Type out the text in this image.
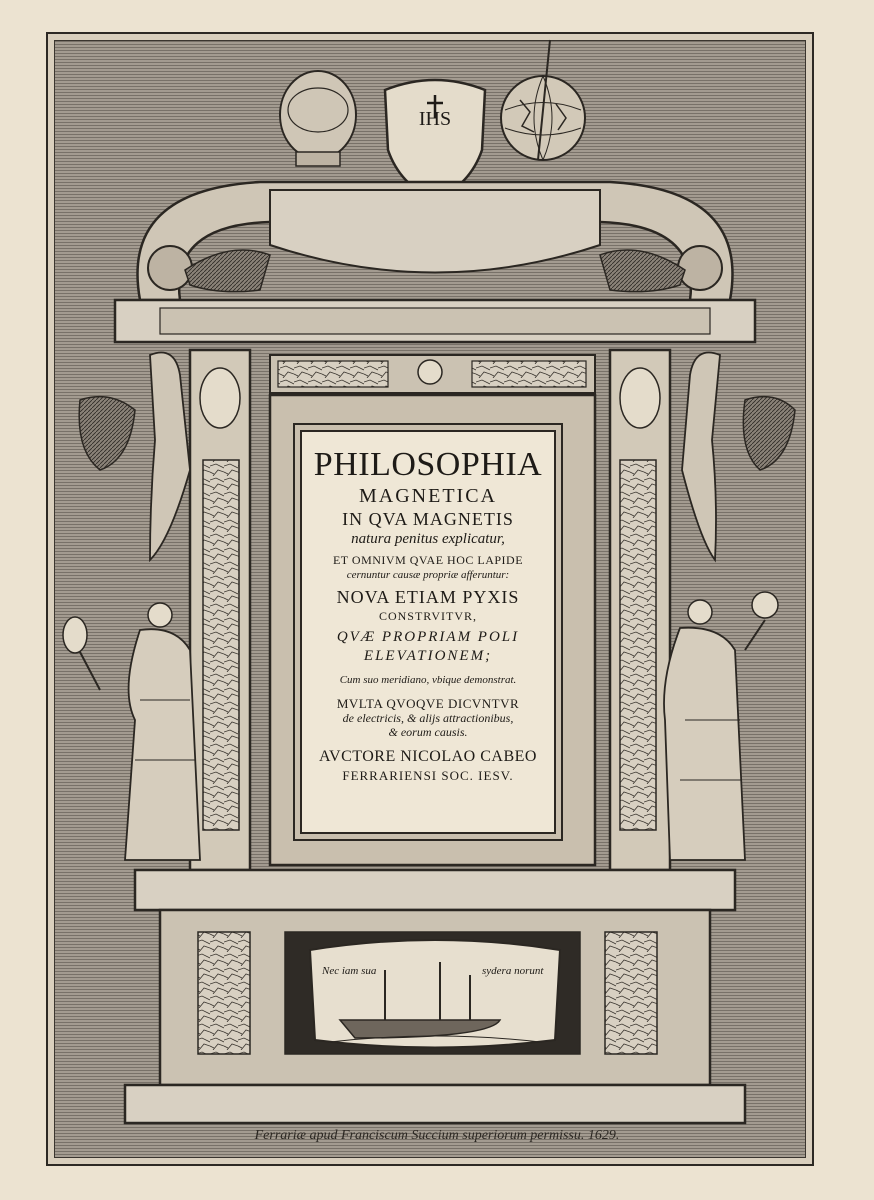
IHS
PHILOSOPHIA
MAGNETICA
IN QVA MAGNETIS
natura penitus explicatur,
ET OMNIVM QVAE HOC LAPIDE
cernuntur causæ propriæ afferuntur:
NOVA ETIAM PYXIS
CONSTRVITVR,
QVÆ PROPRIAM POLI ELEVATIONEM;
Cum suo meridiano, vbique demonstrat.
MVLTA QVOQVE DICVNTVR
de electricis, & alijs attractionibus,
& eorum causis.
AVCTORE NICOLAO CABEO
FERRARIENSI SOC. IESV.
Nec iam sua	sydera norunt
Ferrariæ apud Franciscum Succium superiorum permissu. 1629.
